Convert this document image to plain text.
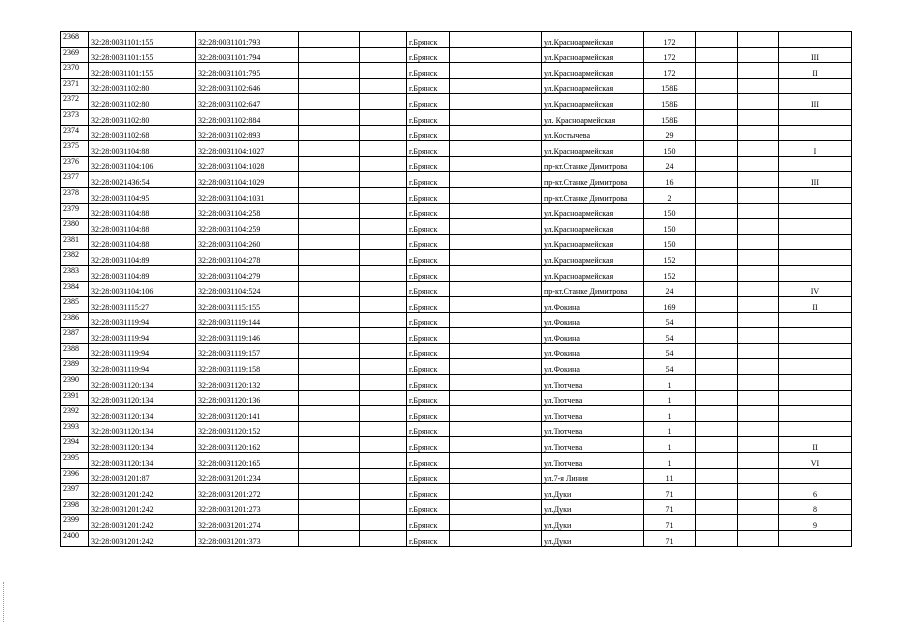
2368	32:28:0031101:155	32:28:0031101:793			г.Брянск		ул.Красноармейская	172			
2369	32:28:0031101:155	32:28:0031101:794			г.Брянск		ул.Красноармейская	172			III
2370	32:28:0031101:155	32:28:0031101:795			г.Брянск		ул.Красноармейская	172			II
2371	32:28:0031102:80	32:28:0031102:646			г.Брянск		ул.Красноармейская	158Б			
2372	32:28:0031102:80	32:28:0031102:647			г.Брянск		ул.Красноармейская	158Б			III
2373	32:28:0031102:80	32:28:0031102:884			г.Брянск		ул. Красноармейская	158Б			
2374	32:28:0031102:68	32:28:0031102:893			г.Брянск		ул.Костычева	29			
2375	32:28:0031104:88	32:28:0031104:1027			г.Брянск		ул.Красноармейская	150			I
2376	32:28:0031104:106	32:28:0031104:1028			г.Брянск		пр-кт.Станке Димитрова	24			
2377	32:28:0021436:54	32:28:0031104:1029			г.Брянск		пр-кт.Станке Димитрова	16			III
2378	32:28:0031104:95	32:28:0031104:1031			г.Брянск		пр-кт.Станке Димитрова	2			
2379	32:28:0031104:88	32:28:0031104:258			г.Брянск		ул.Красноармейская	150			
2380	32:28:0031104:88	32:28:0031104:259			г.Брянск		ул.Красноармейская	150			
2381	32:28:0031104:88	32:28:0031104:260			г.Брянск		ул.Красноармейская	150			
2382	32:28:0031104:89	32:28:0031104:278			г.Брянск		ул.Красноармейская	152			
2383	32:28:0031104:89	32:28:0031104:279			г.Брянск		ул.Красноармейская	152			
2384	32:28:0031104:106	32:28:0031104:524			г.Брянск		пр-кт.Станке Димитрова	24			IV
2385	32:28:0031115:27	32:28:0031115:155			г.Брянск		ул.Фокина	169			II
2386	32:28:0031119:94	32:28:0031119:144			г.Брянск		ул.Фокина	54			
2387	32:28:0031119:94	32:28:0031119:146			г.Брянск		ул.Фокина	54			
2388	32:28:0031119:94	32:28:0031119:157			г.Брянск		ул.Фокина	54			
2389	32:28:0031119:94	32:28:0031119:158			г.Брянск		ул.Фокина	54			
2390	32:28:0031120:134	32:28:0031120:132			г.Брянск		ул.Тютчева	1			
2391	32:28:0031120:134	32:28:0031120:136			г.Брянск		ул.Тютчева	1			
2392	32:28:0031120:134	32:28:0031120:141			г.Брянск		ул.Тютчева	1			
2393	32:28:0031120:134	32:28:0031120:152			г.Брянск		ул.Тютчева	1			
2394	32:28:0031120:134	32:28:0031120:162			г.Брянск		ул.Тютчева	1			II
2395	32:28:0031120:134	32:28:0031120:165			г.Брянск		ул.Тютчева	1			VI
2396	32:28:0031201:87	32:28:0031201:234			г.Брянск		ул.7-я Линия	11			
2397	32:28:0031201:242	32:28:0031201:272			г.Брянск		ул.Дуки	71			6
2398	32:28:0031201:242	32:28:0031201:273			г.Брянск		ул.Дуки	71			8
2399	32:28:0031201:242	32:28:0031201:274			г.Брянск		ул.Дуки	71			9
2400	32:28:0031201:242	32:28:0031201:373			г.Брянск		ул.Дуки	71			
